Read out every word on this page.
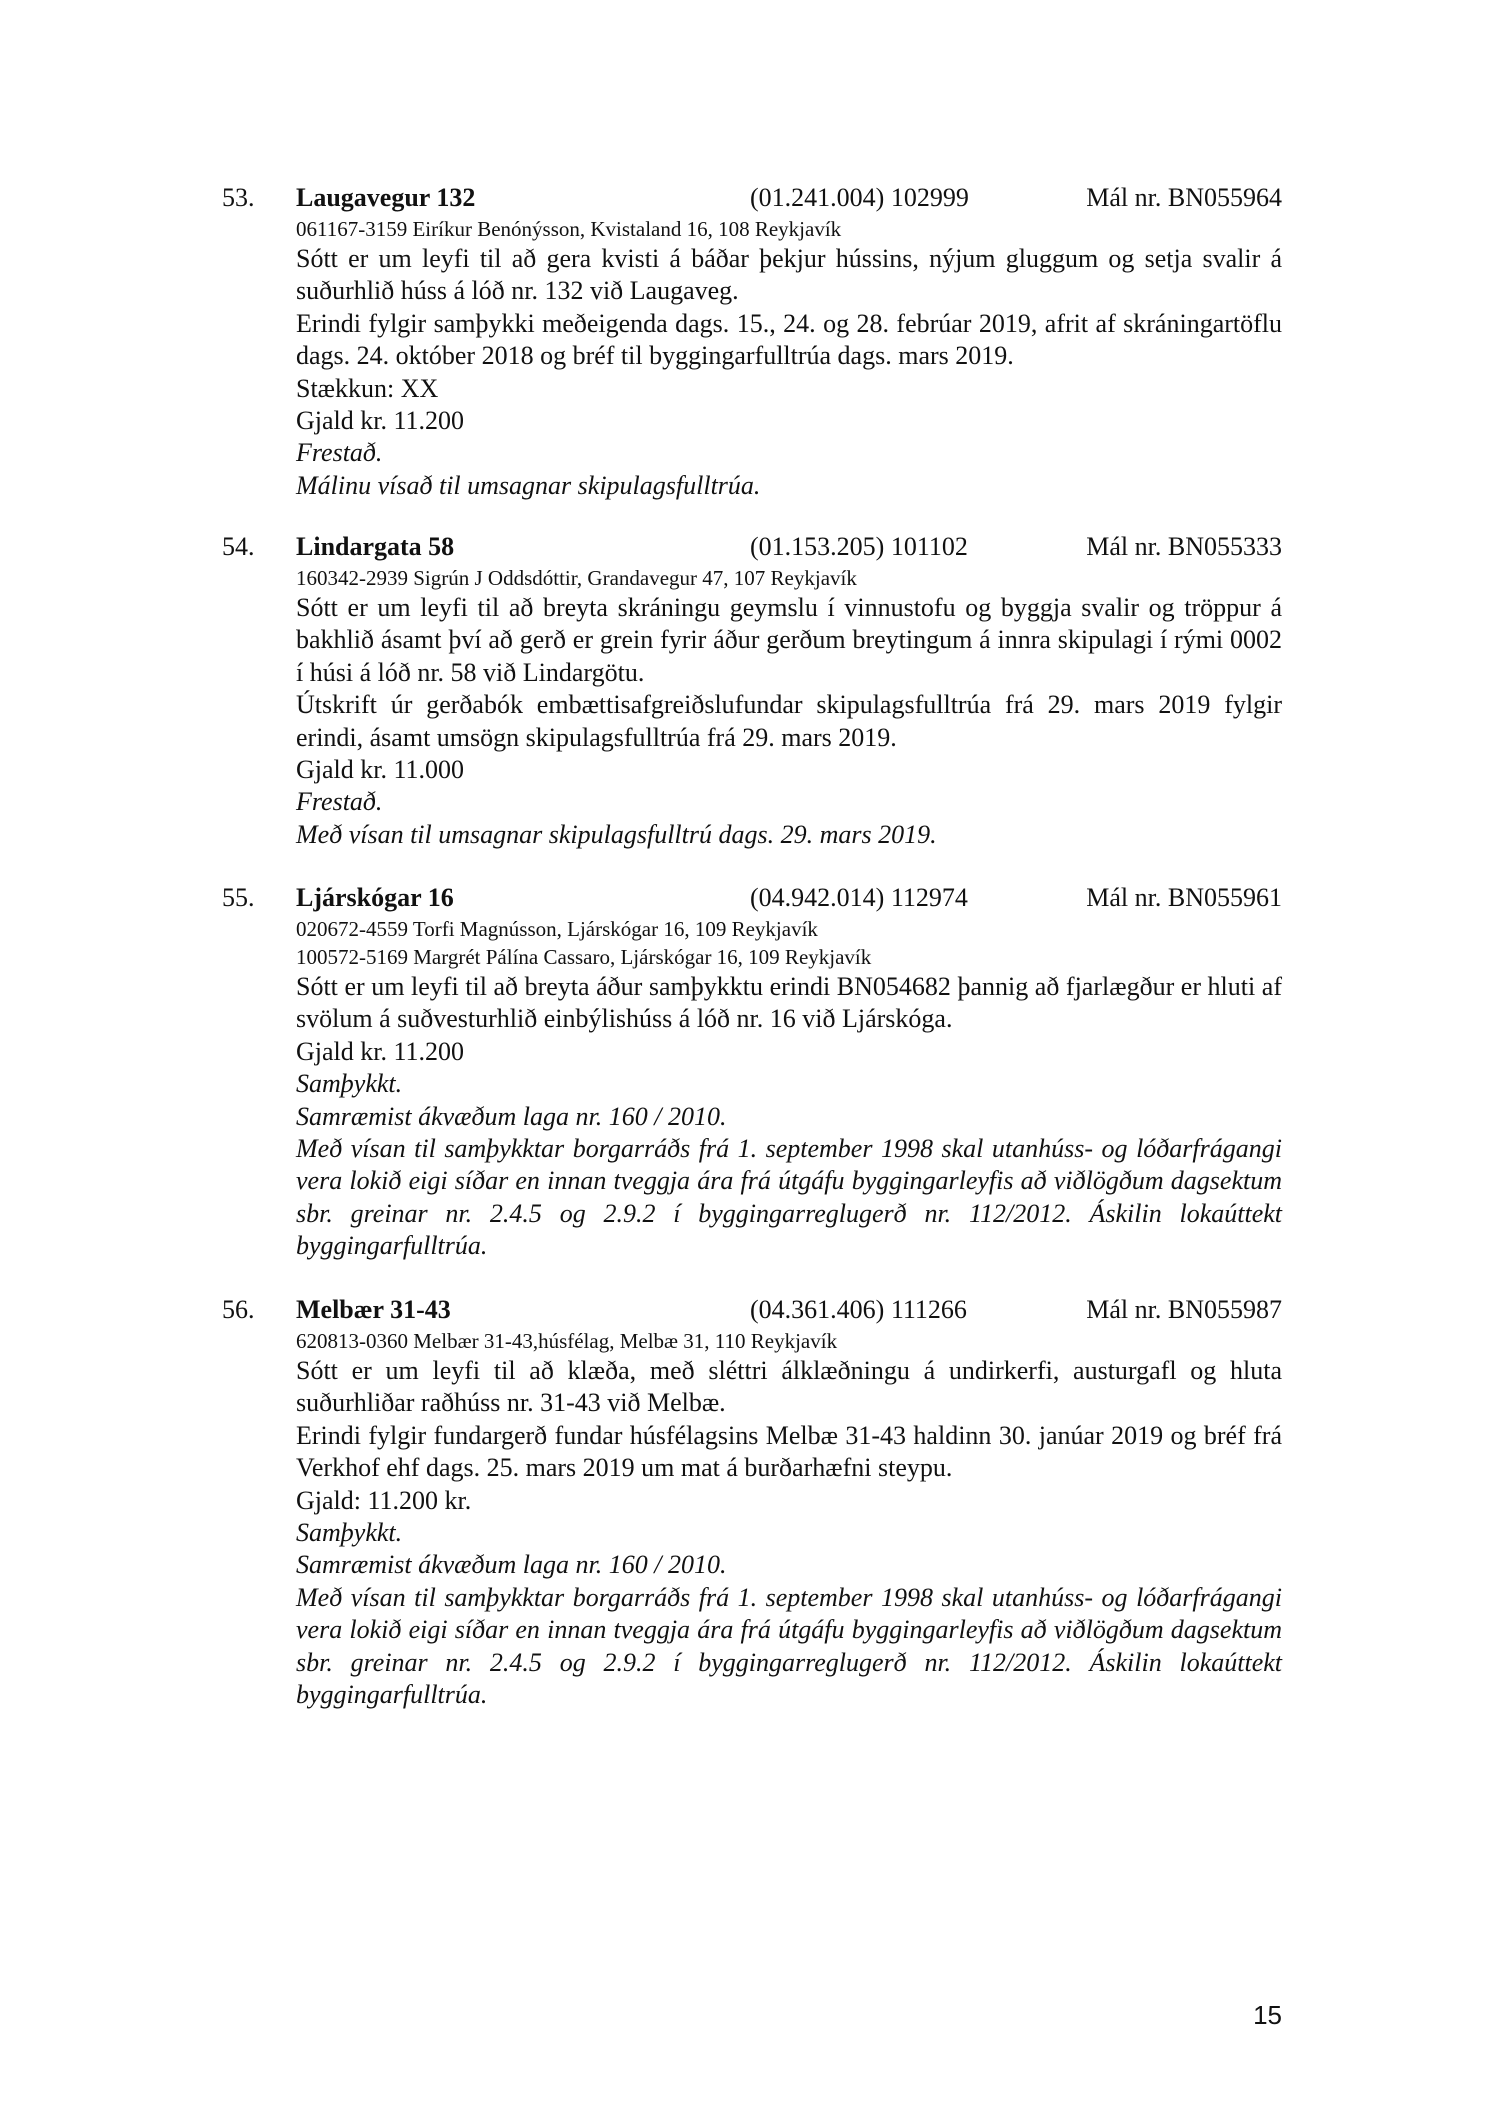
53. Laugavegur 132	(01.241.004) 102999	Mál nr. BN055964
061167-3159 Eiríkur Benónýsson, Kvistaland 16, 108 Reykjavík
Sótt er um leyfi til að gera kvisti á báðar þekjur hússins, nýjum gluggum og setja svalir á suðurhlið húss á lóð nr. 132 við Laugaveg.
Erindi fylgir samþykki meðeigenda dags. 15., 24. og 28. febrúar 2019, afrit af skráningartöflu dags. 24. október 2018 og bréf til byggingarfulltrúa dags. mars 2019.
Stækkun: XX
Gjald kr. 11.200
Frestað.
Málinu vísað til umsagnar skipulagsfulltrúa.
54. Lindargata 58	(01.153.205) 101102	Mál nr. BN055333
160342-2939 Sigrún J Oddsdóttir, Grandavegur 47, 107 Reykjavík
Sótt er um leyfi til að breyta skráningu geymslu í vinnustofu og byggja svalir og tröppur á bakhlið ásamt því að gerð er grein fyrir áður gerðum breytingum á innra skipulagi í rými 0002 í húsi á lóð nr. 58 við Lindargötu.
Útskrift úr gerðabók embættisafgreiðslufundar skipulagsfulltrúa frá 29. mars 2019 fylgir erindi, ásamt umsögn skipulagsfulltrúa frá 29. mars 2019.
Gjald kr. 11.000
Frestað.
Með vísan til umsagnar skipulagsfulltrú dags. 29. mars 2019.
55. Ljárskógar 16	(04.942.014) 112974	Mál nr. BN055961
020672-4559 Torfi Magnússon, Ljárskógar 16, 109 Reykjavík
100572-5169 Margrét Pálína Cassaro, Ljárskógar 16, 109 Reykjavík
Sótt er um leyfi til að breyta áður samþykktu erindi BN054682 þannig að fjarlægður er hluti af svölum á suðvesturhlið einbýlishúss á lóð nr. 16 við Ljárskóga.
Gjald kr. 11.200
Samþykkt.
Samræmist ákvæðum laga nr. 160 / 2010.
Með vísan til samþykktar borgarráðs frá 1. september 1998 skal utanhúss- og lóðarfrágangi vera lokið eigi síðar en innan tveggja ára frá útgáfu byggingarleyfis að viðlögðum dagsektum sbr. greinar nr. 2.4.5 og 2.9.2 í byggingarreglugerð nr. 112/2012. Áskilin lokaúttekt byggingarfulltrúa.
56. Melbær 31-43	(04.361.406) 111266	Mál nr. BN055987
620813-0360 Melbær 31-43,húsfélag, Melbæ 31, 110 Reykjavík
Sótt er um leyfi til að klæða, með sléttri álklæðningu á undirkerfi, austurgafl og hluta suðurhliðar raðhúss nr. 31-43 við Melbæ.
Erindi fylgir fundargerð fundar húsfélagsins Melbæ 31-43 haldinn 30. janúar 2019 og bréf frá Verkhof ehf dags. 25. mars 2019 um mat á burðarhæfni steypu.
Gjald: 11.200 kr.
Samþykkt.
Samræmist ákvæðum laga nr. 160 / 2010.
Með vísan til samþykktar borgarráðs frá 1. september 1998 skal utanhúss- og lóðarfrágangi vera lokið eigi síðar en innan tveggja ára frá útgáfu byggingarleyfis að viðlögðum dagsektum sbr. greinar nr. 2.4.5 og 2.9.2 í byggingarreglugerð nr. 112/2012. Áskilin lokaúttekt byggingarfulltrúa.
15
